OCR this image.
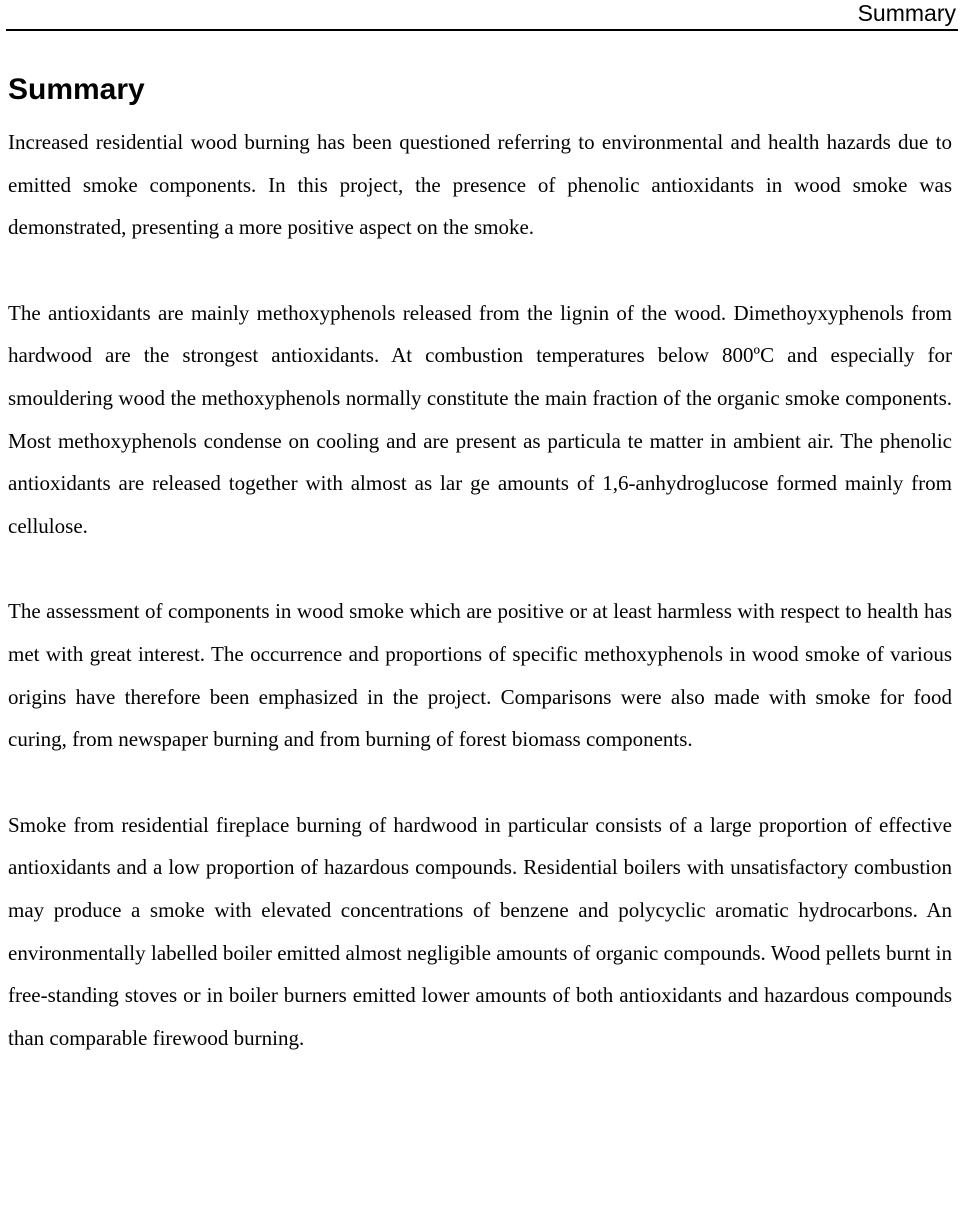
Summary
Summary

Increased residential wood burning has been questioned referring to environmental and health hazards due to emitted smoke components. In this project, the presence of phenolic antioxidants in wood smoke was demonstrated, presenting a more positive aspect on the smoke.

The antioxidants are mainly methoxyphenols released from the lignin of the wood. Dimethoyxyphenols from hardwood are the strongest antioxidants. At combustion temperatures below 800ºC and especially for smouldering wood the methoxyphenols normally constitute the main fraction of the organic smoke components. Most methoxyphenols condense on cooling and are present as particula te matter in ambient air. The phenolic antioxidants are released together with almost as lar ge amounts of 1,6-anhydroglucose formed mainly from cellulose.

The assessment of components in wood smoke which are positive or at least harmless with respect to health has met with great interest. The occurrence and proportions of specific methoxyphenols in wood smoke of various origins have therefore been emphasized in the project. Comparisons were also made with smoke for food curing, from newspaper burning and from burning of forest biomass components.

Smoke from residential fireplace burning of hardwood in particular consists of a large proportion of effective antioxidants and a low proportion of hazardous compounds. Residential boilers with unsatisfactory combustion may produce a smoke with elevated concentrations of benzene and polycyclic aromatic hydrocarbons. An environmentally labelled boiler emitted almost negligible amounts of organic compounds. Wood pellets burnt in free-standing stoves or in boiler burners emitted lower amounts of both antioxidants and hazardous compounds than comparable firewood burning.
